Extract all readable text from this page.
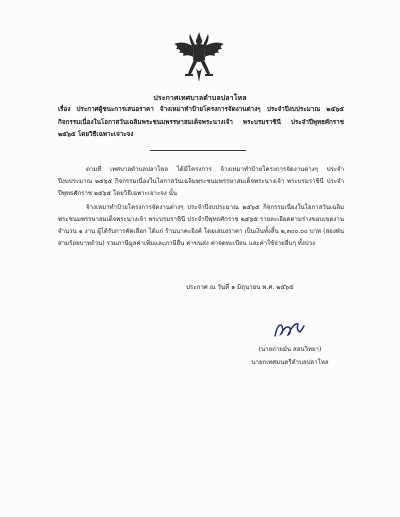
ประกาศเทศบาลตำบลปลาโหล
เรื่อง ประกาศผู้ชนะการเสนอราคา จ้างเหมาทำป้ายโครงการจัดงานต่างๆ ประจำปีงบประมาณ ๒๕๖๕ กิจกรรมเนื่องในโอกาสวันเฉลิมพระชนมพรรษาสมเด็จพระนางเจ้า พระบรมราชินี ประจำปีพุทธศักราช ๒๕๖๕ โดยวิธีเฉพาะเจาะจง

ตามที่ เทศบาลตำบลปลาโหล ได้มีโครงการ จ้างเหมาทำป้ายโครงการจัดงานต่างๆ ประจำปีงบประมาณ ๒๕๖๕ กิจกรรมเนื่องในโอกาสวันเฉลิมพระชนมพรรษาสมเด็จพระนางเจ้า พระบรมราชินี ประจำปีพุทธศักราช ๒๕๖๕ โดยวิธีเฉพาะเจาะจง นั้น

จ้างเหมาทำป้ายโครงการจัดงานต่างๆ ประจำปีงบประมาณ ๒๕๖๕ กิจกรรมเนื่องในโอกาสวันเฉลิมพระชนมพรรษาสมเด็จพระนางเจ้า พระบรมราชินี ประจำปีพุทธศักราช ๒๕๖๕ รายละเอียดตามร่างขอบเขตงาน จำนวน ๑ งาน ผู้ได้รับการคัดเลือก ได้แก่ ร้านนาคะอิงค์ โดยเสนอราคา เป็นเงินทั้งสิ้น ๒,๓๐๐.๐๐ บาท (สองพันสามร้อยบาทถ้วน) รวมภาษีมูลค่าเพิ่มและภาษีอื่น ค่าขนส่ง ค่าจดทะเบียน และค่าใช้จ่ายอื่นๆ ทั้งปวง

ประกาศ ณ วันที่ ๑ มิถุนายน พ.ศ. ๒๕๖๕
(นายถ่ายมั่น สอนวิทยา)
นายกเทศมนตรีตำบลปลาโหล
